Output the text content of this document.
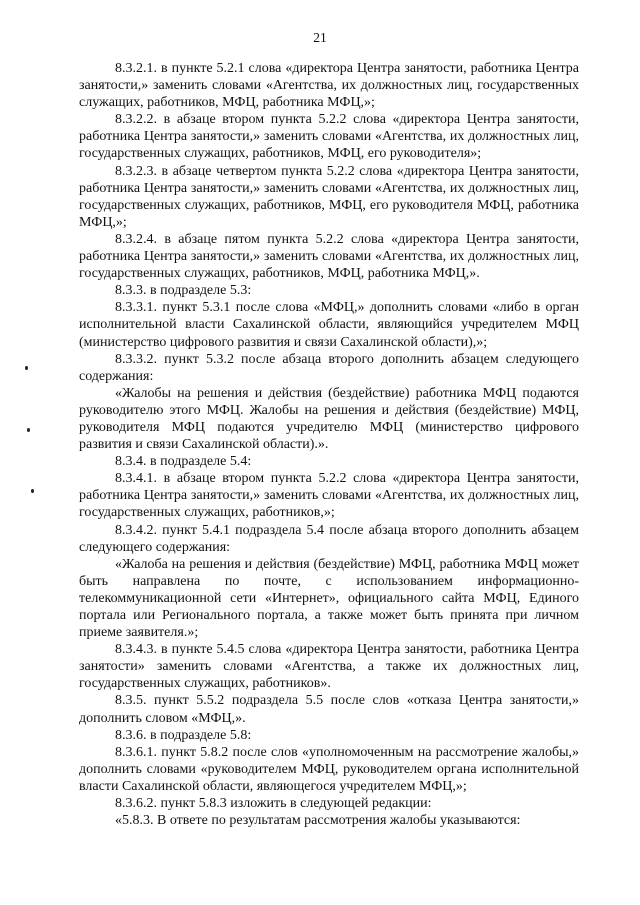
21

8.3.2.1. в пункте 5.2.1 слова «директора Центра занятости, работника Центра занятости,» заменить словами «Агентства, их должностных лиц, государственных служащих, работников, МФЦ, работника МФЦ,»;

8.3.2.2. в абзаце втором пункта 5.2.2 слова «директора Центра занятости, работника Центра занятости,» заменить словами «Агентства, их должностных лиц, государственных служащих, работников, МФЦ, его руководителя»;

8.3.2.3. в абзаце четвертом пункта 5.2.2 слова «директора Центра занятости, работника Центра занятости,» заменить словами «Агентства, их должностных лиц, государственных служащих, работников, МФЦ, его руководителя МФЦ, работника МФЦ,»;

8.3.2.4. в абзаце пятом пункта 5.2.2 слова «директора Центра занятости, работника Центра занятости,» заменить словами «Агентства, их должностных лиц, государственных служащих, работников, МФЦ, работника МФЦ,».

8.3.3. в подразделе 5.3:

8.3.3.1. пункт 5.3.1 после слова «МФЦ,» дополнить словами «либо в орган исполнительной власти Сахалинской области, являющийся учредителем МФЦ (министерство цифрового развития и связи Сахалинской области),»;

8.3.3.2. пункт 5.3.2 после абзаца второго дополнить абзацем следующего содержания:

«Жалобы на решения и действия (бездействие) работника МФЦ подаются руководителю этого МФЦ. Жалобы на решения и действия (бездействие) МФЦ, руководителя МФЦ подаются учредителю МФЦ (министерство цифрового развития и связи Сахалинской области).».

8.3.4. в подразделе 5.4:

8.3.4.1. в абзаце втором пункта 5.2.2 слова «директора Центра занятости, работника Центра занятости,» заменить словами «Агентства, их должностных лиц, государственных служащих, работников,»;

8.3.4.2. пункт 5.4.1 подраздела 5.4 после абзаца второго дополнить абзацем следующего содержания:

«Жалоба на решения и действия (бездействие) МФЦ, работника МФЦ может быть направлена по почте, с использованием информационно-телекоммуникационной сети «Интернет», официального сайта МФЦ, Единого портала или Регионального портала, а также может быть принята при личном приеме заявителя.»;

8.3.4.3. в пункте 5.4.5 слова «директора Центра занятости, работника Центра занятости» заменить словами «Агентства, а также их должностных лиц, государственных служащих, работников».

8.3.5. пункт 5.5.2 подраздела 5.5 после слов «отказа Центра занятости,» дополнить словом «МФЦ,».

8.3.6. в подразделе 5.8:

8.3.6.1. пункт 5.8.2 после слов «уполномоченным на рассмотрение жалобы,» дополнить словами «руководителем МФЦ, руководителем органа исполнительной власти Сахалинской области, являющегося учредителем МФЦ,»;

8.3.6.2. пункт 5.8.3 изложить в следующей редакции:

«5.8.3. В ответе по результатам рассмотрения жалобы указываются:
